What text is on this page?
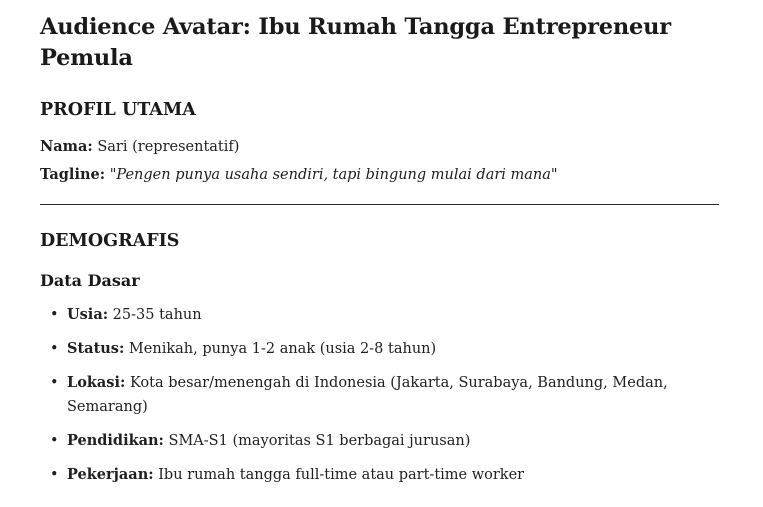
Audience Avatar: Ibu Rumah Tangga Entrepreneur Pemula
PROFIL UTAMA

Nama: Sari (representatif)

Tagline: "Pengen punya usaha sendiri, tapi bingung mulai dari mana"

DEMOGRAFIS
Data Dasar
• Usia: 25-35 tahun
• Status: Menikah, punya 1-2 anak (usia 2-8 tahun)
• Lokasi: Kota besar/menengah di Indonesia (Jakarta, Surabaya, Bandung, Medan, Semarang)
• Pendidikan: SMA-S1 (mayoritas S1 berbagai jurusan)
• Pekerjaan: Ibu rumah tangga full-time atau part-time worker
